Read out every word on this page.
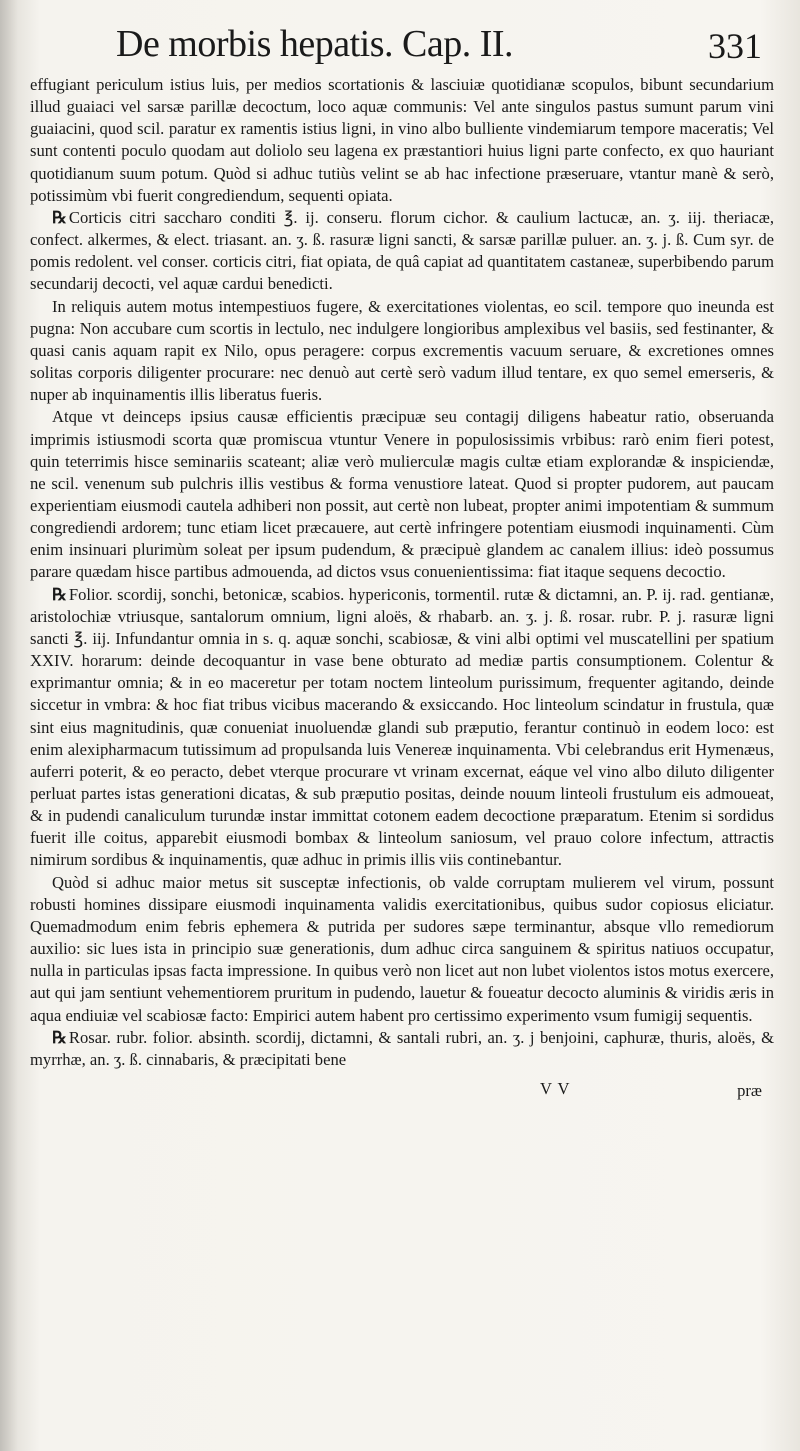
De morbis hepatis. Cap. II.	331

effugiant periculum istius luis, per medios scortationis & lasciuiæ quotidianæ scopulos, bibunt secundarium illud guaiaci vel sarsæ parillæ decoctum, loco aquæ communis: Vel ante singulos pastus sumunt parum vini guaiacini, quod scil. paratur ex ramentis istius ligni, in vino albo bulliente vindemiarum tempore maceratis; Vel sunt contenti poculo quodam aut doliolo seu lagena ex præstantiori huius ligni parte confecto, ex quo hauriant quotidianum suum potum. Quòd si adhuc tutiùs velint se ab hac infectione præseruare, vtantur manè & serò, potissimùm vbi fuerit congrediendum, sequenti opiata.

℞ Corticis citri saccharo conditi ℥. ij. conseru. florum cichor. & caulium lactucæ, an. ʒ. iij. theriacæ, confect. alkermes, & elect. triasant. an. ʒ. ß. rasuræ ligni sancti, & sarsæ parillæ puluer. an. ʒ. j. ß. Cum syr. de pomis redolent. vel conser. corticis citri, fiat opiata, de quâ capiat ad quantitatem castaneæ, superbibendo parum secundarij decocti, vel aquæ cardui benedicti.

In reliquis autem motus intempestiuos fugere, & exercitationes violentas, eo scil. tempore quo ineunda est pugna: Non accubare cum scortis in lectulo, nec indulgere longioribus amplexibus vel basiis, sed festinanter, & quasi canis aquam rapit ex Nilo, opus peragere: corpus excrementis vacuum seruare, & excretiones omnes solitas corporis diligenter procurare: nec denuò aut certè serò vadum illud tentare, ex quo semel emerseris, & nuper ab inquinamentis illis liberatus fueris.

Atque vt deinceps ipsius causæ efficientis præcipuæ seu contagij diligens habeatur ratio, obseruanda imprimis istiusmodi scorta quæ promiscua vtuntur Venere in populosissimis vrbibus: rarò enim fieri potest, quin teterrimis hisce seminariis scateant; aliæ verò mulierculæ magis cultæ etiam explorandæ & inspiciendæ, ne scil. venenum sub pulchris illis vestibus & forma venustiore lateat. Quod si propter pudorem, aut paucam experientiam eiusmodi cautela adhiberi non possit, aut certè non lubeat, propter animi impotentiam & summum congrediendi ardorem; tunc etiam licet præcauere, aut certè infringere potentiam eiusmodi inquinamenti. Cùm enim insinuari plurimùm soleat per ipsum pudendum, & præcipuè glandem ac canalem illius: ideò possumus parare quædam hisce partibus admouenda, ad dictos vsus conuenientissima: fiat itaque sequens decoctio.

℞ Folior. scordij, sonchi, betonicæ, scabios. hypericonis, tormentil. rutæ & dictamni, an. P. ij. rad. gentianæ, aristolochiæ vtriusque, santalorum omnium, ligni aloës, & rhabarb. an. ʒ. j. ß. rosar. rubr. P. j. rasuræ ligni sancti ℥. iij. Infundantur omnia in s. q. aquæ sonchi, scabiosæ, & vini albi optimi vel muscatellini per spatium XXIV. horarum: deinde decoquantur in vase bene obturato ad mediæ partis consumptionem. Colentur & exprimantur omnia; & in eo maceretur per totam noctem linteolum purissimum, frequenter agitando, deinde siccetur in vmbra: & hoc fiat tribus vicibus macerando & exsiccando. Hoc linteolum scindatur in frustula, quæ sint eius magnitudinis, quæ conueniat inuoluendæ glandi sub præputio, ferantur continuò in eodem loco: est enim alexipharmacum tutissimum ad propulsanda luis Venereæ inquinamenta. Vbi celebrandus erit Hymenæus, auferri poterit, & eo peracto, debet vterque procurare vt vrinam excernat, eáque vel vino albo diluto diligenter perluat partes istas generationi dicatas, & sub præputio positas, deinde nouum linteoli frustulum eis admoueat, & in pudendi canaliculum turundæ instar immittat cotonem eadem decoctione præparatum. Etenim si sordidus fuerit ille coitus, apparebit eiusmodi bombax & linteolum saniosum, vel prauo colore infectum, attractis nimirum sordibus & inquinamentis, quæ adhuc in primis illis viis continebantur.

Quòd si adhuc maior metus sit susceptæ infectionis, ob valde corruptam mulierem vel virum, possunt robusti homines dissipare eiusmodi inquinamenta validis exercitationibus, quibus sudor copiosus eliciatur. Quemadmodum enim febris ephemera & putrida per sudores sæpe terminantur, absque vllo remediorum auxilio: sic lues ista in principio suæ generationis, dum adhuc circa sanguinem & spiritus natiuos occupatur, nulla in particulas ipsas facta impressione. In quibus verò non licet aut non lubet violentos istos motus exercere, aut qui jam sentiunt vehementiorem pruritum in pudendo, lauetur & foueatur decocto aluminis & viridis æris in aqua endiuiæ vel scabiosæ facto: Empirici autem habent pro certissimo experimento vsum fumigij sequentis.

℞ Rosar. rubr. folior. absinth. scordij, dictamni, & santali rubri, an. ʒ. j benjoini, caphuræ, thuris, aloës, & myrrhæ, an. ʒ. ß. cinnabaris, & præcipitati bene

V V	præ
